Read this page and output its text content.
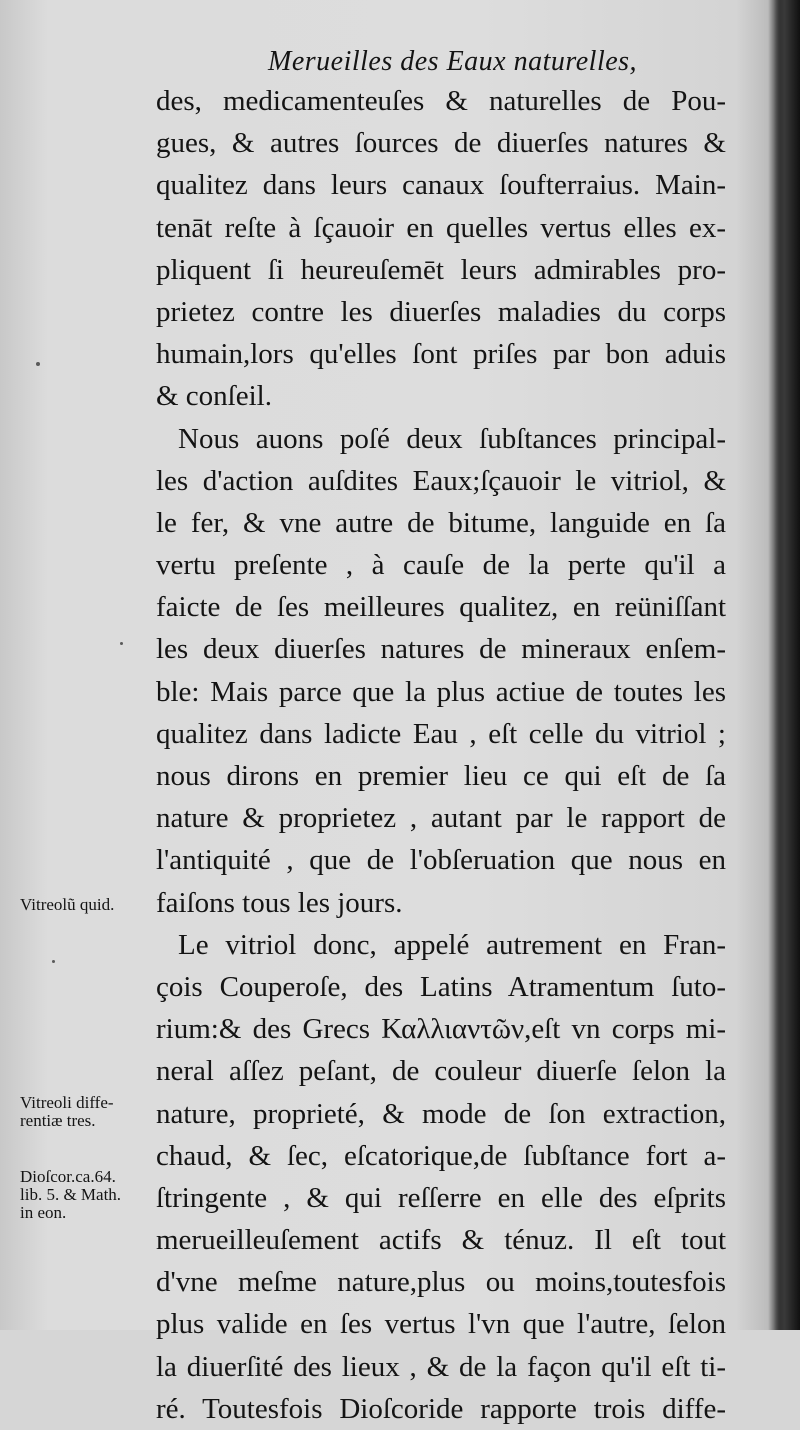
Merueilles des Eaux naturelles,
des, medicamenteuſes & naturelles de Pou-
gues, & autres ſources de diuerſes natures &
qualitez dans leurs canaux ſoufterraius. Main-
tenāt reſte à ſçauoir en quelles vertus elles ex-
pliquent ſi heureuſemēt leurs admirables pro-
prietez contre les diuerſes maladies du corps
humain,lors qu'elles ſont priſes par bon aduis
& conſeil.
Nous auons poſé deux ſubſtances principal-
les d'action auſdites Eaux;ſçauoir le vitriol, &
le fer, & vne autre de bitume, languide en ſa
vertu preſente , à cauſe de la perte qu'il a
faicte de ſes meilleures qualitez, en reüniſſant
les deux diuerſes natures de mineraux enſem-
ble: Mais parce que la plus actiue de toutes les
qualitez dans ladicte Eau , eſt celle du vitriol ;
nous dirons en premier lieu ce qui eſt de ſa
nature & proprietez , autant par le rapport de
l'antiquité , que de l'obſeruation que nous en
faiſons tous les jours.
Le vitriol donc, appelé autrement en Fran-
çois Couperoſe, des Latins Atramentum ſuto-
rium:& des Grecs Καλλιαντῶν,eſt vn corps mi-
neral aſſez peſant, de couleur diuerſe ſelon la
nature, proprieté, & mode de ſon extraction,
chaud, & ſec, eſcatorique,de ſubſtance fort a-
ſtringente , & qui reſſerre en elle des eſprits
merueilleuſement actifs & ténuz. Il eſt tout
d'vne meſme nature,plus ou moins,toutesfois
plus valide en ſes vertus l'vn que l'autre, ſelon
la diuerſité des lieux , & de la façon qu'il eſt ti-
ré. Toutesfois Dioſcoride rapporte trois diffe-
Vitreolũ quid.
Vitreoli diffe-
rentiæ tres.
Dioſcor.ca.64.
lib. 5. & Math.
in eon.
